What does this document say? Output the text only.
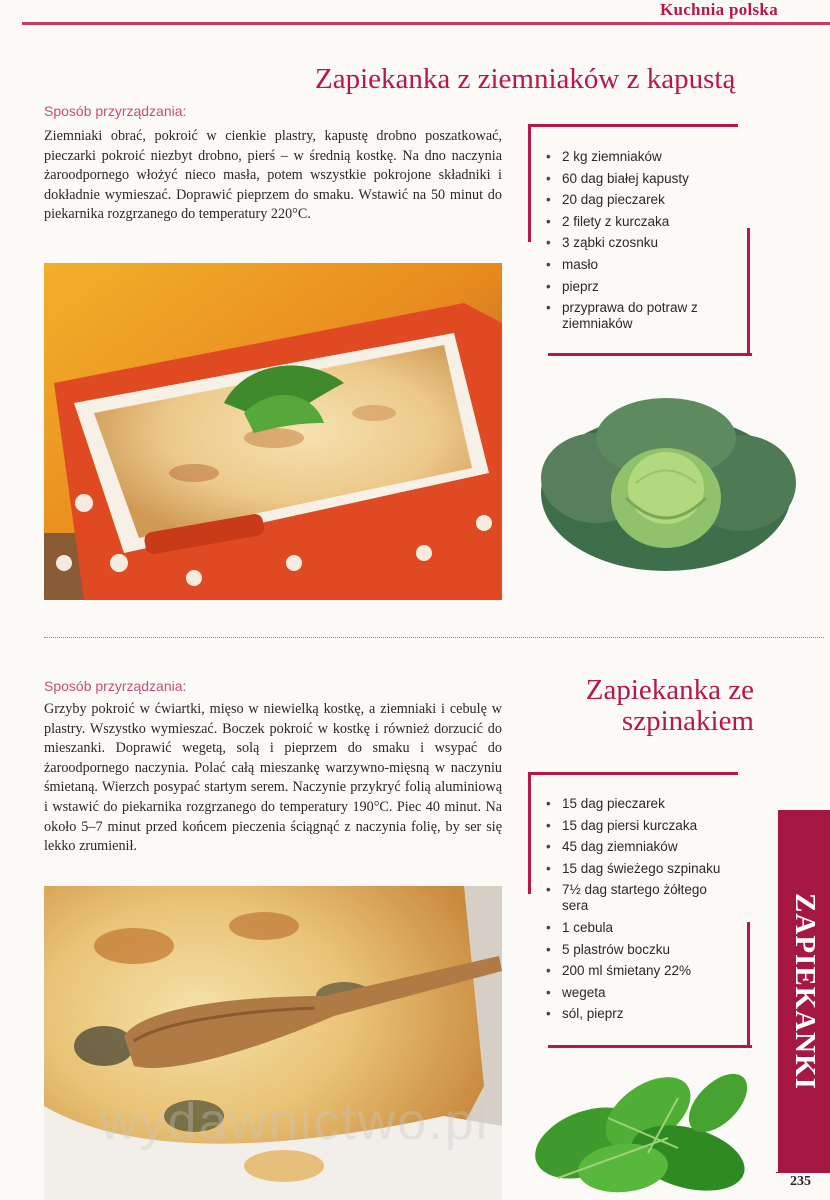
Kuchnia polska
Zapiekanka z ziemniaków z kapustą
Sposób przyrządzania:
Ziemniaki obrać, pokroić w cienkie plastry, kapustę drobno poszatkować, pieczarki pokroić niezbyt drobno, pierś – w średnią kostkę. Na dno naczynia żaroodpornego włożyć nieco masła, potem wszystkie pokrojone składniki i dokładnie wymieszać. Doprawić pieprzem do smaku. Wstawić na 50 minut do piekarnika rozgrzanego do temperatury 220°C.
• 2 kg ziemniaków
• 60 dag białej kapusty
• 20 dag pieczarek
• 2 filety z kurczaka
• 3 ząbki czosnku
• masło
• pieprz
• przyprawa do potraw z ziemniaków
Zapiekanka ze
szpinakiem
Sposób przyrządzania:
Grzyby pokroić w ćwiartki, mięso w niewielką kostkę, a ziemniaki i cebulę w plastry. Wszystko wymieszać. Boczek pokroić w kostkę i również dorzucić do mieszanki. Doprawić wegetą, solą i pieprzem do smaku i wsypać do żaroodpornego naczynia. Polać całą mieszankę warzywno-mięsną w naczyniu śmietaną. Wierzch posypać startym serem. Naczynie przykryć folią aluminiową i wstawić do piekarnika rozgrzanego do temperatury 190°C. Piec 40 minut. Na około 5–7 minut przed końcem pieczenia ściągnąć z naczynia folię, by ser się lekko zrumienił.
• 15 dag pieczarek
• 15 dag piersi kurczaka
• 45 dag ziemniaków
• 15 dag świeżego szpinaku
• 7½ dag startego żółtego sera
• 1 cebula
• 5 plastrów boczku
• 200 ml śmietany 22%
• wegeta
• sól, pieprz
wydawnictwo.pl
ZAPIEKANKI
235
